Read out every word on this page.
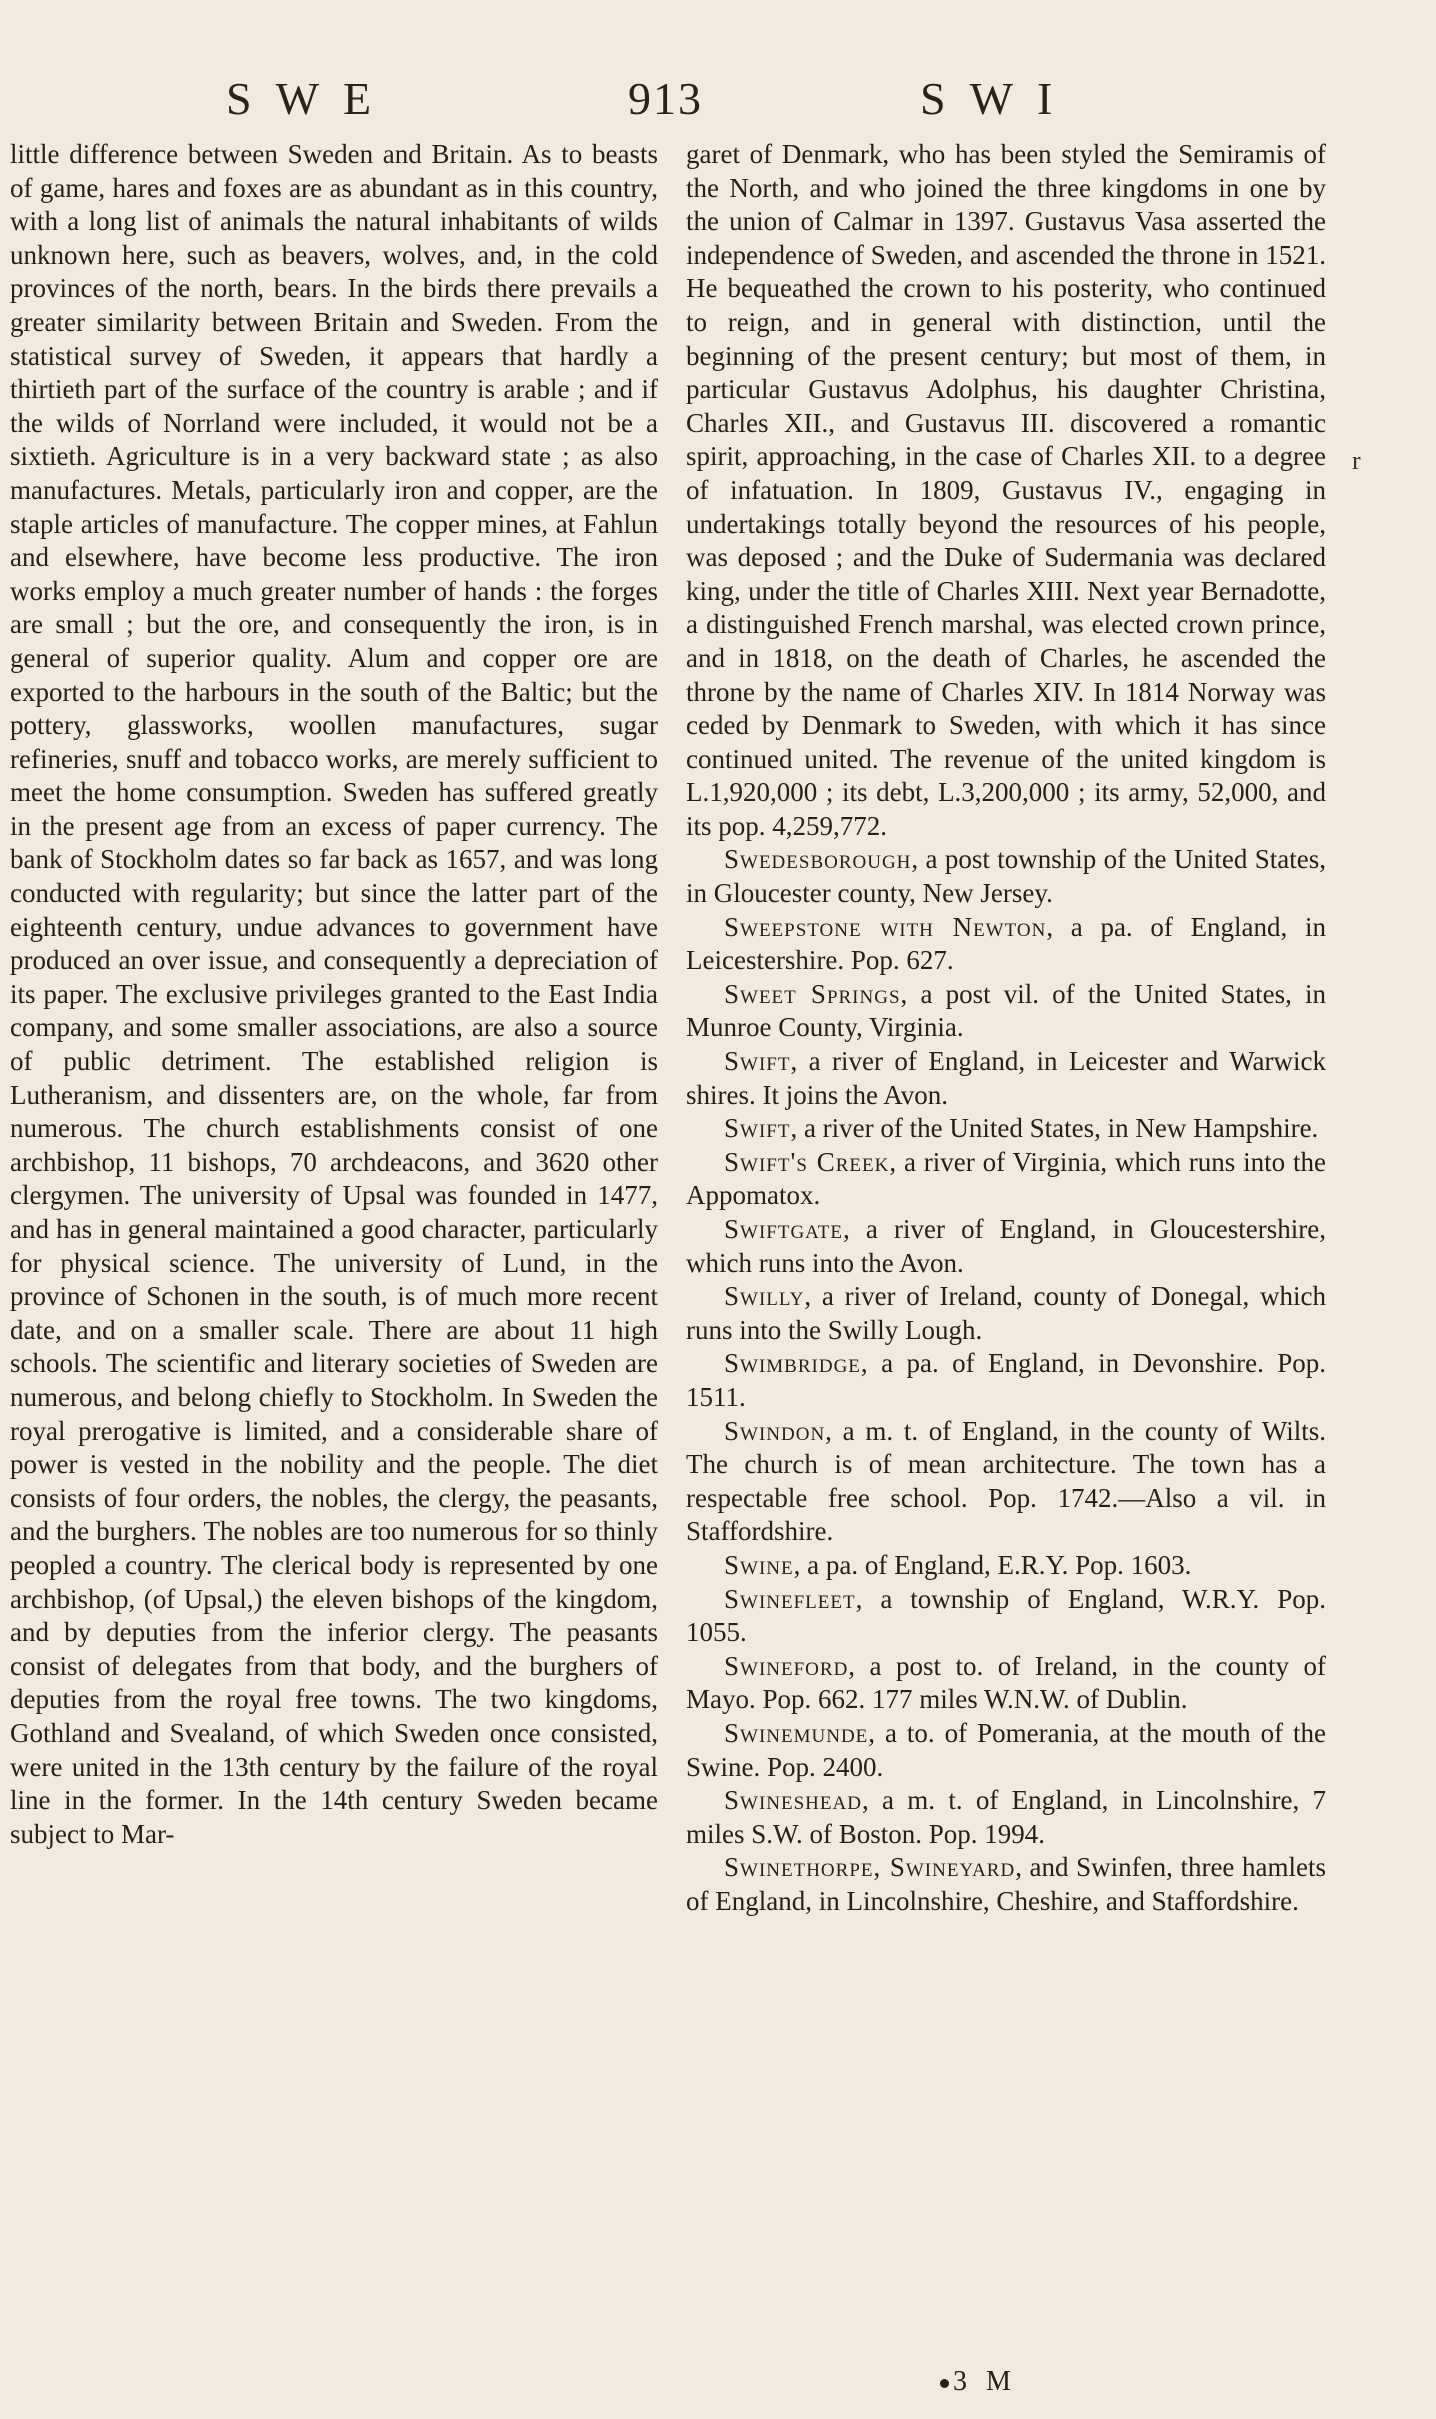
SWE	913	SWI

little difference between Sweden and Britain. As to beasts of game, hares and foxes are as abundant as in this country, with a long list of animals the natural inhabitants of wilds unknown here, such as beavers, wolves, and, in the cold provinces of the north, bears. In the birds there prevails a greater similarity between Britain and Sweden. From the statistical survey of Sweden, it appears that hardly a thirtieth part of the surface of the country is arable ; and if the wilds of Norrland were included, it would not be a sixtieth. Agriculture is in a very backward state ; as also manufactures. Metals, particularly iron and copper, are the staple articles of manufacture. The copper mines, at Fahlun and elsewhere, have become less productive. The iron works employ a much greater number of hands : the forges are small ; but the ore, and consequently the iron, is in general of superior quality. Alum and copper ore are exported to the harbours in the south of the Baltic; but the pottery, glassworks, woollen manufactures, sugar refineries, snuff and tobacco works, are merely sufficient to meet the home consumption. Sweden has suffered greatly in the present age from an excess of paper currency. The bank of Stockholm dates so far back as 1657, and was long conducted with regularity; but since the latter part of the eighteenth century, undue advances to government have produced an over issue, and consequently a depreciation of its paper. The exclusive privileges granted to the East India company, and some smaller associations, are also a source of public detriment. The established religion is Lutheranism, and dissenters are, on the whole, far from numerous. The church establishments consist of one archbishop, 11 bishops, 70 archdeacons, and 3620 other clergymen. The university of Upsal was founded in 1477, and has in general maintained a good character, particularly for physical science. The university of Lund, in the province of Schonen in the south, is of much more recent date, and on a smaller scale. There are about 11 high schools. The scientific and literary societies of Sweden are numerous, and belong chiefly to Stockholm. In Sweden the royal prerogative is limited, and a considerable share of power is vested in the nobility and the people. The diet consists of four orders, the nobles, the clergy, the peasants, and the burghers. The nobles are too numerous for so thinly peopled a country. The clerical body is represented by one archbishop, (of Upsal,) the eleven bishops of the kingdom, and by deputies from the inferior clergy. The peasants consist of delegates from that body, and the burghers of deputies from the royal free towns. The two kingdoms, Gothland and Svealand, of which Sweden once consisted, were united in the 13th century by the failure of the royal line in the former. In the 14th century Sweden became subject to Mar-

garet of Denmark, who has been styled the Semiramis of the North, and who joined the three kingdoms in one by the union of Calmar in 1397. Gustavus Vasa asserted the independence of Sweden, and ascended the throne in 1521. He bequeathed the crown to his posterity, who continued to reign, and in general with distinction, until the beginning of the present century; but most of them, in particular Gustavus Adolphus, his daughter Christina, Charles XII., and Gustavus III. discovered a romantic spirit, approaching, in the case of Charles XII. to a degree of infatuation. In 1809, Gustavus IV., engaging in undertakings totally beyond the resources of his people, was deposed ; and the Duke of Sudermania was declared king, under the title of Charles XIII. Next year Bernadotte, a distinguished French marshal, was elected crown prince, and in 1818, on the death of Charles, he ascended the throne by the name of Charles XIV. In 1814 Norway was ceded by Denmark to Sweden, with which it has since continued united. The revenue of the united kingdom is L.1,920,000 ; its debt, L.3,200,000 ; its army, 52,000, and its pop. 4,259,772.

Swedesborough, a post township of the United States, in Gloucester county, New Jersey.

Sweepstone with Newton, a pa. of England, in Leicestershire. Pop. 627.

Sweet Springs, a post vil. of the United States, in Munroe County, Virginia.

Swift, a river of England, in Leicester and Warwick shires. It joins the Avon.

Swift, a river of the United States, in New Hampshire.

Swift's Creek, a river of Virginia, which runs into the Appomatox.

Swiftgate, a river of England, in Gloucestershire, which runs into the Avon.

Swilly, a river of Ireland, county of Donegal, which runs into the Swilly Lough.

Swimbridge, a pa. of England, in Devonshire. Pop. 1511.

Swindon, a m. t. of England, in the county of Wilts. The church is of mean architecture. The town has a respectable free school. Pop. 1742.—Also a vil. in Staffordshire.

Swine, a pa. of England, E.R.Y. Pop. 1603.

Swinefleet, a township of England, W.R.Y. Pop. 1055.

Swineford, a post to. of Ireland, in the county of Mayo. Pop. 662. 177 miles W.N.W. of Dublin.

Swinemunde, a to. of Pomerania, at the mouth of the Swine. Pop. 2400.

Swineshead, a m. t. of England, in Lincolnshire, 7 miles S.W. of Boston. Pop. 1994.

Swinethorpe, Swineyard, and Swinfen, three hamlets of England, in Lincolnshire, Cheshire, and Staffordshire.

r
3 M
